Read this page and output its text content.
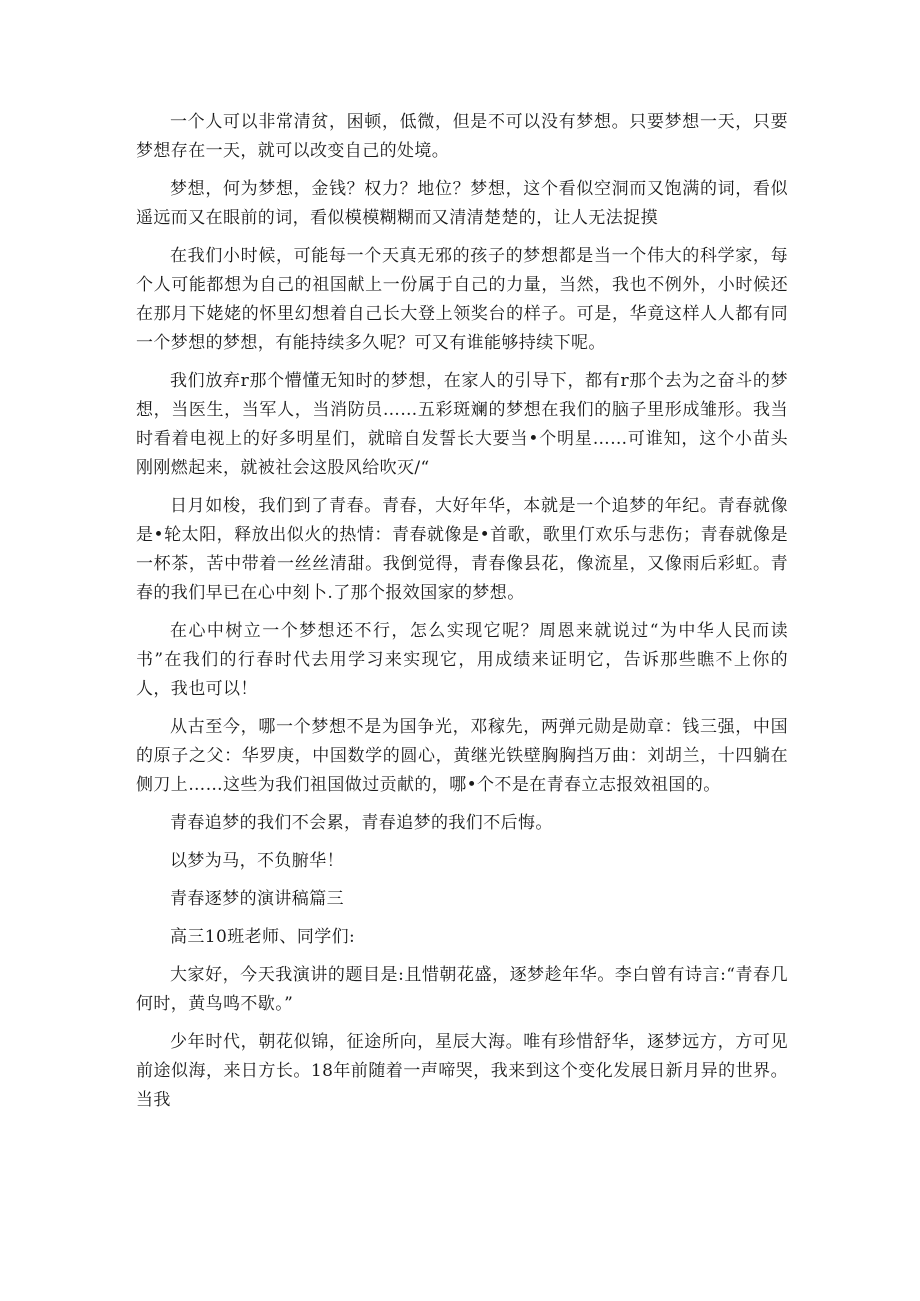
一个人可以非常清贫，困顿，低微，但是不可以没有梦想。只要梦想一天，只要梦想存在一天，就可以改变自己的处境。

梦想，何为梦想，金钱？权力？地位？梦想，这个看似空洞而又饱满的词，看似遥远而又在眼前的词，看似模模糊糊而又清清楚楚的，让人无法捉摸

在我们小时候，可能每一个天真无邪的孩子的梦想都是当一个伟大的科学家，每个人可能都想为自己的祖国献上一份属于自己的力量，当然，我也不例外，小时候还在那月下姥姥的怀里幻想着自己长大登上领奖台的样子。可是，华竟这样人人都有同一个梦想的梦想，有能持续多久呢？可又有谁能够持续下呢。

我们放弃r那个懵懂无知时的梦想，在家人的引导下，都有r那个去为之奋斗的梦想，当医生，当军人，当消防员……五彩斑斓的梦想在我们的脑子里形成雏形。我当时看着电视上的好多明星们，就暗自发誓长大要当•个明星……可谁知，这个小苗头刚刚燃起来，就被社会这股风给吹灭/“

日月如梭，我们到了青春。青春，大好年华，本就是一个追梦的年纪。青春就像是•轮太阳，释放出似火的热情：青春就像是•首歌，歌里仃欢乐与悲伤；青春就像是一杯茶，苦中带着一丝丝清甜。我倒觉得，青春像县花，像流星，又像雨后彩虹。青春的我们早已在心中刻卜.了那个报效国家的梦想。

在心中树立一个梦想还不行，怎么实现它呢？周恩来就说过“为中华人民而读书”在我们的行春时代去用学习来实现它，用成绩来证明它，告诉那些瞧不上你的人，我也可以！

从古至今，哪一个梦想不是为国争光，邓稼先，两弹元勋是勋章：钱三强，中国的原子之父：华罗庚，中国数学的圆心，黄继光铁壁胸胸挡万曲：刘胡兰，十四躺在侧刀上……这些为我们祖国做过贡献的，哪•个不是在青春立志报效祖国的。

青春追梦的我们不会累，青春追梦的我们不后悔。

以梦为马，不负腑华！

青春逐梦的演讲稿篇三

高三10班老师、同学们:

大家好，今天我演讲的题目是:且惜朝花盛，逐梦趁年华。李白曾有诗言:“青春几何时，黄鸟鸣不歇。”

少年时代，朝花似锦，征途所向，星辰大海。唯有珍惜舒华，逐梦远方，方可见前途似海，来日方长。18年前随着一声啼哭，我来到这个变化发展日新月异的世界。当我
